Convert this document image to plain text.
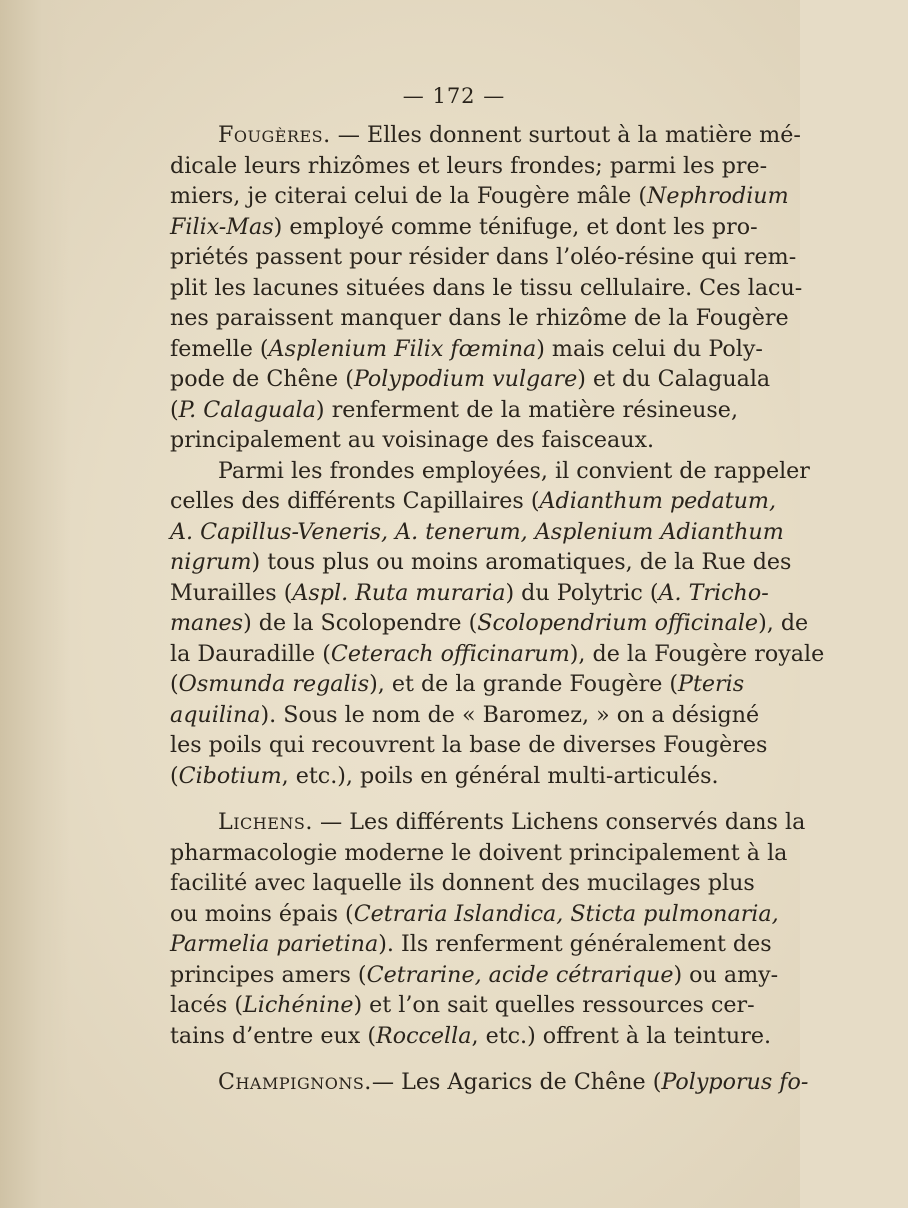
— 172 —
Fougères. — Elles donnent surtout à la matière mé-
dicale leurs rhizômes et leurs frondes; parmi les pre-
miers, je citerai celui de la Fougère mâle (Nephrodium
Filix-Mas) employé comme ténifuge, et dont les pro-
priétés passent pour résider dans l’oléo-résine qui rem-
plit les lacunes situées dans le tissu cellulaire. Ces lacu-
nes paraissent manquer dans le rhizôme de la Fougère
femelle (Asplenium Filix fœmina) mais celui du Poly-
pode de Chêne (Polypodium vulgare) et du Calaguala
(P. Calaguala) renferment de la matière résineuse,
principalement au voisinage des faisceaux.
Parmi les frondes employées, il convient de rappeler
celles des différents Capillaires (Adianthum pedatum,
A. Capillus-Veneris, A. tenerum, Asplenium Adianthum
nigrum) tous plus ou moins aromatiques, de la Rue des
Murailles (Aspl. Ruta muraria) du Polytric (A. Tricho-
manes) de la Scolopendre (Scolopendrium officinale), de
la Dauradille (Ceterach officinarum), de la Fougère royale
(Osmunda regalis), et de la grande Fougère (Pteris
aquilina). Sous le nom de « Baromez, » on a désigné
les poils qui recouvrent la base de diverses Fougères
(Cibotium, etc.), poils en général multi-articulés.
Lichens. — Les différents Lichens conservés dans la
pharmacologie moderne le doivent principalement à la
facilité avec laquelle ils donnent des mucilages plus
ou moins épais (Cetraria Islandica, Sticta pulmonaria,
Parmelia parietina). Ils renferment généralement des
principes amers (Cetrarine, acide cétrarique) ou amy-
lacés (Lichénine) et l’on sait quelles ressources cer-
tains d’entre eux (Roccella, etc.) offrent à la teinture.
Champignons.— Les Agarics de Chêne (Polyporus fo-
